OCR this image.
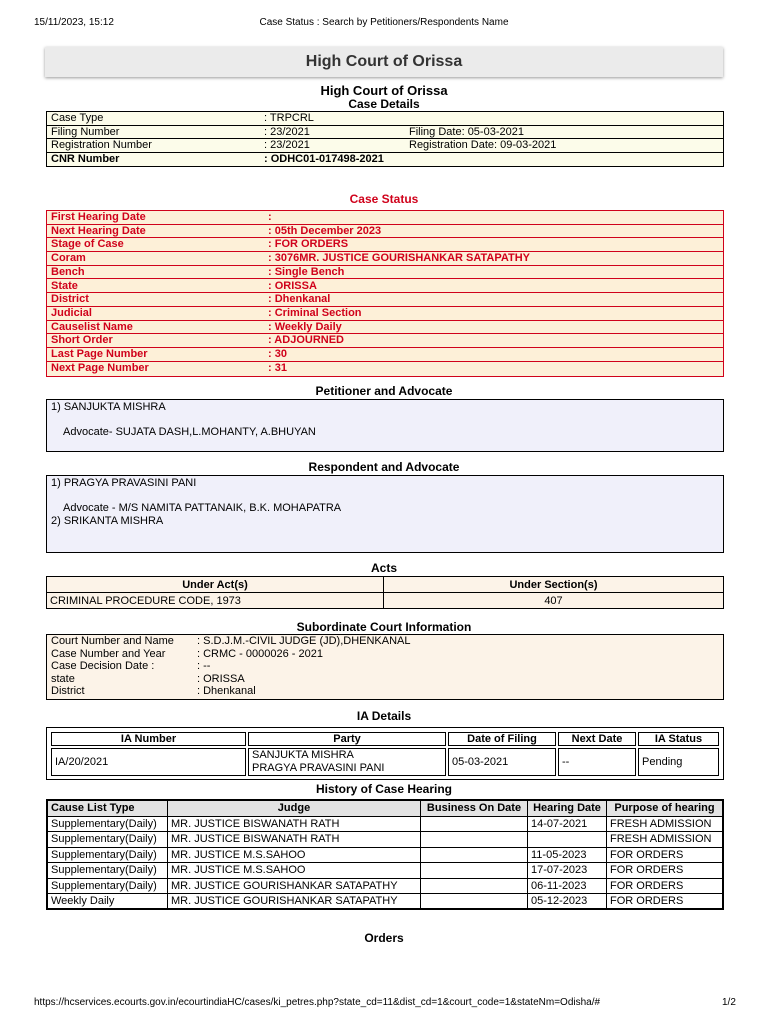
15/11/2023, 15:12	Case Status : Search by Petitioners/Respondents Name
High Court of Orissa
High Court of Orissa
Case Details
Case Type	: TRPCRL
Filing Number	: 23/2021	Filing Date: 05-03-2021
Registration Number	: 23/2021	Registration Date: 09-03-2021
CNR Number	: ODHC01-017498-2021
Case Status
First Hearing Date	:
Next Hearing Date	: 05th December 2023
Stage of Case	: FOR ORDERS
Coram	: 3076MR. JUSTICE GOURISHANKAR SATAPATHY
Bench	: Single Bench
State	: ORISSA
District	: Dhenkanal
Judicial	: Criminal Section
Causelist Name	: Weekly Daily
Short Order	: ADJOURNED
Last Page Number	: 30
Next Page Number	: 31
Petitioner and Advocate
1) SANJUKTA MISHRA
Advocate- SUJATA DASH,L.MOHANTY, A.BHUYAN
Respondent and Advocate
1) PRAGYA PRAVASINI PANI
Advocate - M/S NAMITA PATTANAIK, B.K. MOHAPATRA
2) SRIKANTA MISHRA
Acts
Under Act(s)	Under Section(s)
CRIMINAL PROCEDURE CODE, 1973	407
Subordinate Court Information
Court Number and Name : S.D.J.M.-CIVIL JUDGE (JD),DHENKANAL
Case Number and Year	: CRMC - 0000026 - 2021
Case Decision Date :	: --
state	: ORISSA
District	: Dhenkanal
IA Details
IA Number	Party	Date of Filing	Next Date	IA Status
IA/20/2021	SANJUKTA MISHRA
PRAGYA PRAVASINI PANI	05-03-2021	--	Pending
History of Case Hearing
Cause List Type	Judge	Business On Date	Hearing Date	Purpose of hearing
Supplementary(Daily)	MR. JUSTICE BISWANATH RATH		14-07-2021	FRESH ADMISSION
Supplementary(Daily)	MR. JUSTICE BISWANATH RATH			FRESH ADMISSION
Supplementary(Daily)	MR. JUSTICE M.S.SAHOO		11-05-2023	FOR ORDERS
Supplementary(Daily)	MR. JUSTICE M.S.SAHOO		17-07-2023	FOR ORDERS
Supplementary(Daily)	MR. JUSTICE GOURISHANKAR SATAPATHY		06-11-2023	FOR ORDERS
Weekly Daily	MR. JUSTICE GOURISHANKAR SATAPATHY		05-12-2023	FOR ORDERS
Orders
https://hcservices.ecourts.gov.in/ecourtindiaHC/cases/ki_petres.php?state_cd=11&dist_cd=1&court_code=1&stateNm=Odisha/#	1/2
